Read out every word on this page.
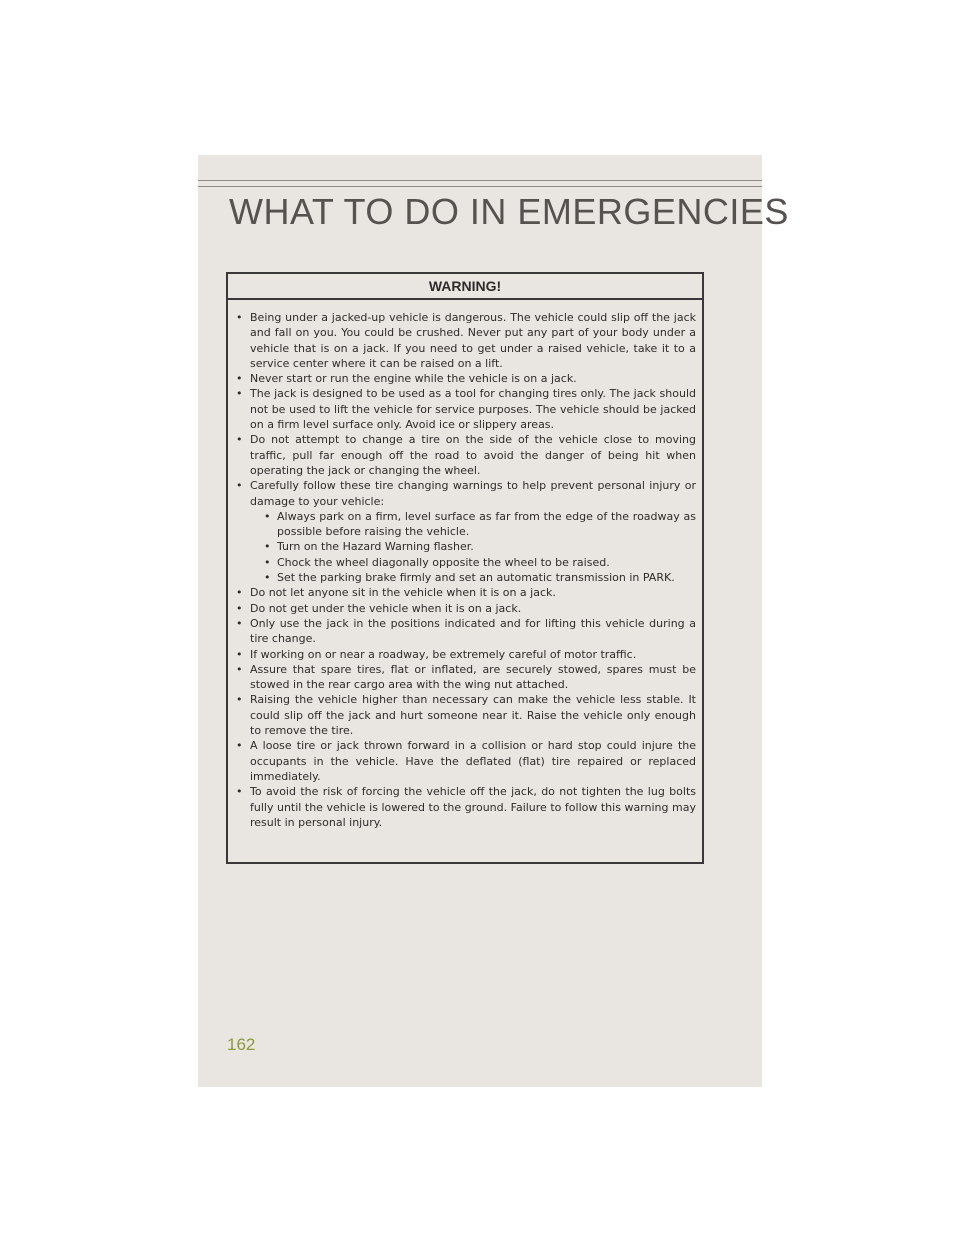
WHAT TO DO IN EMERGENCIES
WARNING!
• Being under a jacked-up vehicle is dangerous. The vehicle could slip off the jack and fall on you. You could be crushed. Never put any part of your body under a vehicle that is on a jack. If you need to get under a raised vehicle, take it to a service center where it can be raised on a lift.
• Never start or run the engine while the vehicle is on a jack.
• The jack is designed to be used as a tool for changing tires only. The jack should not be used to lift the vehicle for service purposes. The vehicle should be jacked on a firm level surface only. Avoid ice or slippery areas.
• Do not attempt to change a tire on the side of the vehicle close to moving traffic, pull far enough off the road to avoid the danger of being hit when operating the jack or changing the wheel.
• Carefully follow these tire changing warnings to help prevent personal injury or damage to your vehicle:
• Always park on a firm, level surface as far from the edge of the roadway as possible before raising the vehicle.
• Turn on the Hazard Warning flasher.
• Chock the wheel diagonally opposite the wheel to be raised.
• Set the parking brake firmly and set an automatic transmission in PARK.
• Do not let anyone sit in the vehicle when it is on a jack.
• Do not get under the vehicle when it is on a jack.
• Only use the jack in the positions indicated and for lifting this vehicle during a tire change.
• If working on or near a roadway, be extremely careful of motor traffic.
• Assure that spare tires, flat or inflated, are securely stowed, spares must be stowed in the rear cargo area with the wing nut attached.
• Raising the vehicle higher than necessary can make the vehicle less stable. It could slip off the jack and hurt someone near it. Raise the vehicle only enough to remove the tire.
• A loose tire or jack thrown forward in a collision or hard stop could injure the occupants in the vehicle. Have the deflated (flat) tire repaired or replaced immediately.
• To avoid the risk of forcing the vehicle off the jack, do not tighten the lug bolts fully until the vehicle is lowered to the ground. Failure to follow this warning may result in personal injury.
162
